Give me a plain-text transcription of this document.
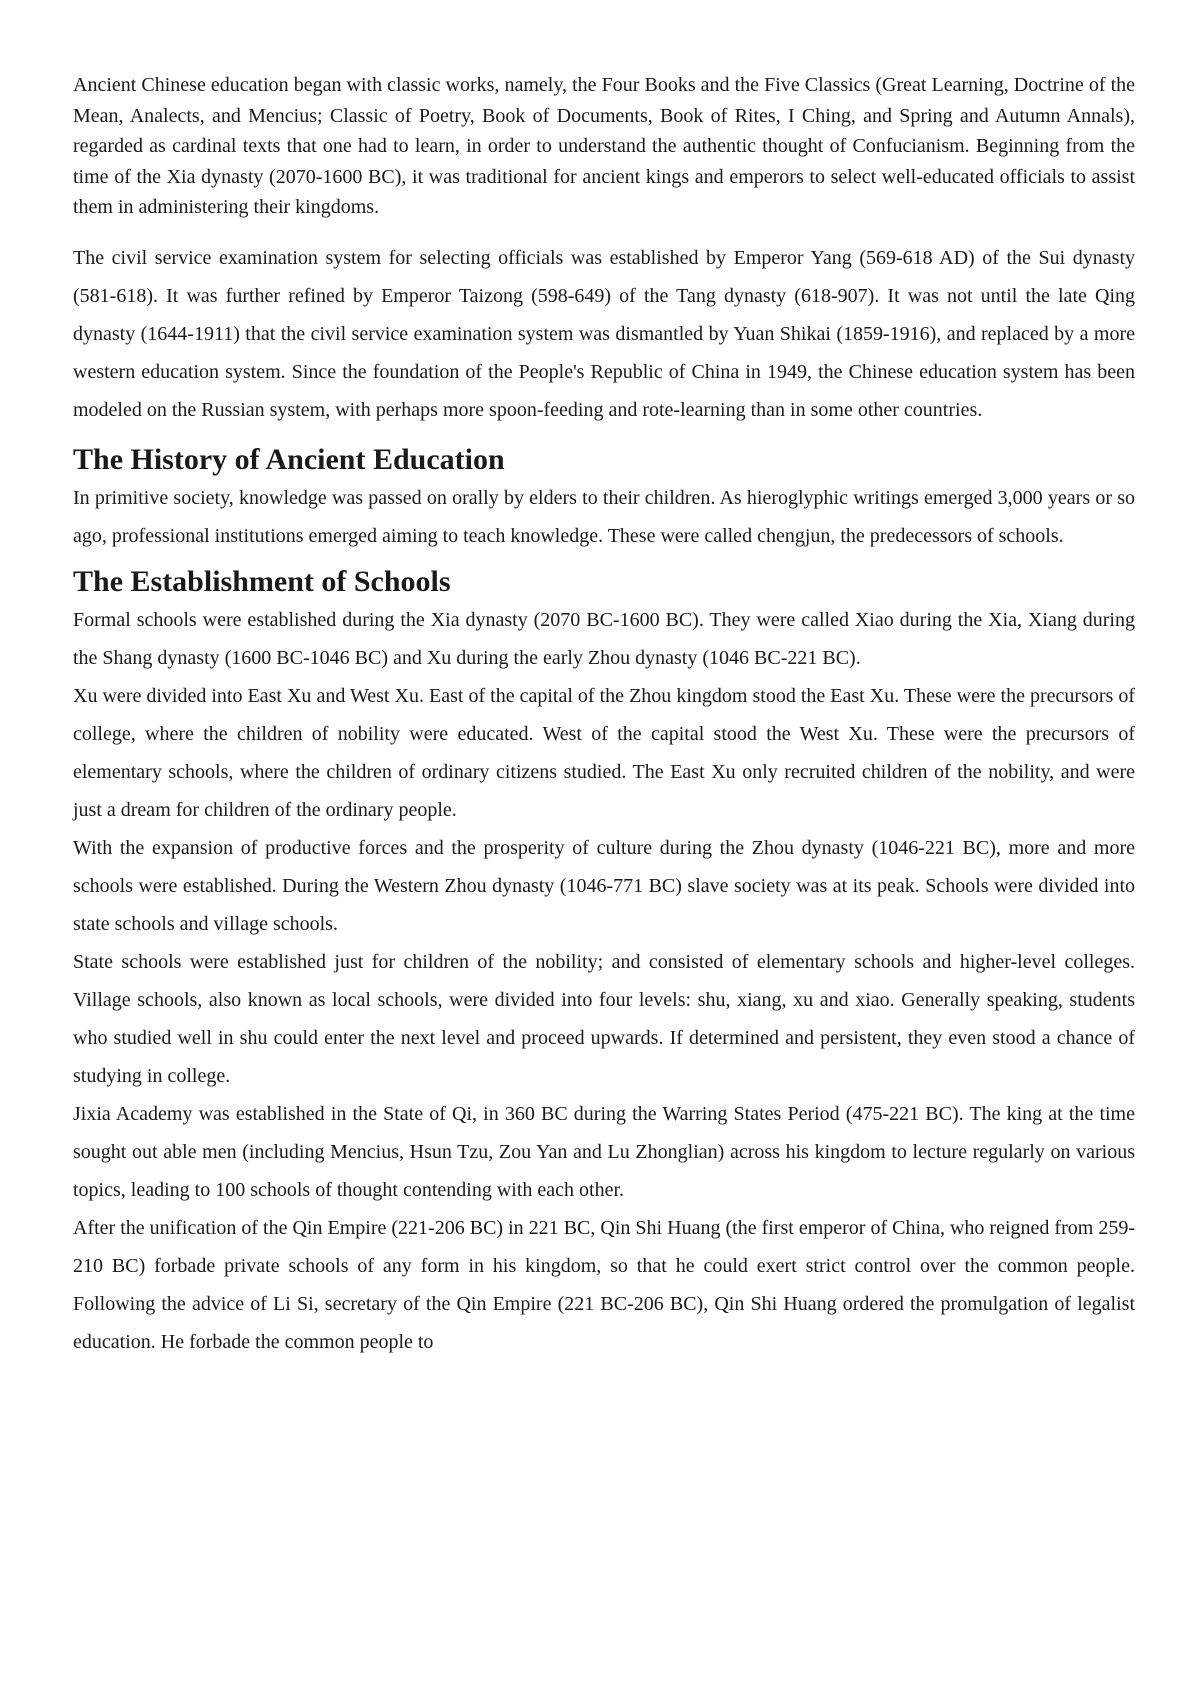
Ancient Chinese education began with classic works, namely, the Four Books and the Five Classics (Great Learning, Doctrine of the Mean, Analects, and Mencius; Classic of Poetry, Book of Documents, Book of Rites, I Ching, and Spring and Autumn Annals), regarded as cardinal texts that one had to learn, in order to understand the authentic thought of Confucianism. Beginning from the time of the Xia dynasty (2070-1600 BC), it was traditional for ancient kings and emperors to select well-educated officials to assist them in administering their kingdoms.

The civil service examination system for selecting officials was established by Emperor Yang (569-618 AD) of the Sui dynasty (581-618). It was further refined by Emperor Taizong (598-649) of the Tang dynasty (618-907). It was not until the late Qing dynasty (1644-1911) that the civil service examination system was dismantled by Yuan Shikai (1859-1916), and replaced by a more western education system. Since the foundation of the People's Republic of China in 1949, the Chinese education system has been modeled on the Russian system, with perhaps more spoon-feeding and rote-learning than in some other countries.

The History of Ancient Education

In primitive society, knowledge was passed on orally by elders to their children. As hieroglyphic writings emerged 3,000 years or so ago, professional institutions emerged aiming to teach knowledge. These were called chengjun, the predecessors of schools.

The Establishment of Schools

Formal schools were established during the Xia dynasty (2070 BC-1600 BC). They were called Xiao during the Xia, Xiang during the Shang dynasty (1600 BC-1046 BC) and Xu during the early Zhou dynasty (1046 BC-221 BC).

Xu were divided into East Xu and West Xu. East of the capital of the Zhou kingdom stood the East Xu. These were the precursors of college, where the children of nobility were educated. West of the capital stood the West Xu. These were the precursors of elementary schools, where the children of ordinary citizens studied. The East Xu only recruited children of the nobility, and were just a dream for children of the ordinary people.

With the expansion of productive forces and the prosperity of culture during the Zhou dynasty (1046-221 BC), more and more schools were established. During the Western Zhou dynasty (1046-771 BC) slave society was at its peak. Schools were divided into state schools and village schools.

State schools were established just for children of the nobility; and consisted of elementary schools and higher-level colleges. Village schools, also known as local schools, were divided into four levels: shu, xiang, xu and xiao. Generally speaking, students who studied well in shu could enter the next level and proceed upwards. If determined and persistent, they even stood a chance of studying in college.

Jixia Academy was established in the State of Qi, in 360 BC during the Warring States Period (475-221 BC). The king at the time sought out able men (including Mencius, Hsun Tzu, Zou Yan and Lu Zhonglian) across his kingdom to lecture regularly on various topics, leading to 100 schools of thought contending with each other.

After the unification of the Qin Empire (221-206 BC) in 221 BC, Qin Shi Huang (the first emperor of China, who reigned from 259-210 BC) forbade private schools of any form in his kingdom, so that he could exert strict control over the common people. Following the advice of Li Si, secretary of the Qin Empire (221 BC-206 BC), Qin Shi Huang ordered the promulgation of legalist education. He forbade the common people to
